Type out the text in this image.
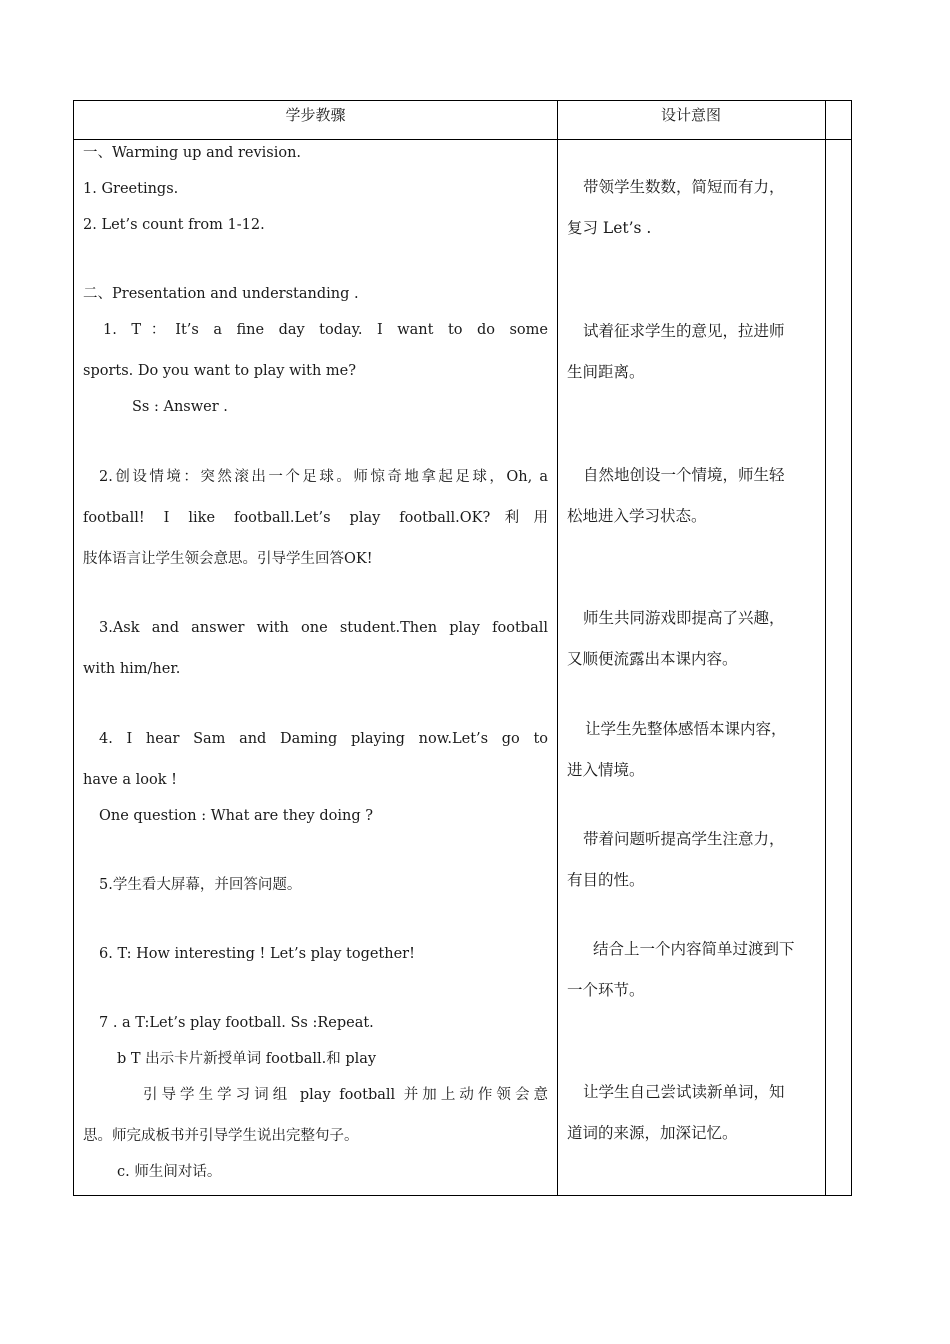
学步教骤	设计意图
一、Warming up and revision.
1. Greetings.
2. Let’s count from 1-12.
二、Presentation and understanding .
1. T：It’s a fine day today. I want to do some
sports. Do you want to play with me?
Ss : Answer .
2.创设情境：突然滚出一个足球。师惊奇地拿起足球，Oh, a
football! I like football.Let’s play football.OK?利用
肢体语言让学生领会意思。引导学生回答OK!
3.Ask and answer with one student.Then play football
with him/her.
4. I hear Sam and Daming playing now.Let’s go to
have a look !
One question : What are they doing ?
5.学生看大屏幕，并回答问题。
6. T: How interesting ! Let’s play together!
7 . a T:Let’s play football. Ss :Repeat.
b T 出示卡片新授单词 football.和 play
引导学生学习词组 play football 并加上动作领会意
思。师完成板书并引导学生说出完整句子。
c. 师生间对话。
带领学生数数，简短而有力，
复习 Let’s .
试着征求学生的意见，拉进师
生间距离。
自然地创设一个情境，师生轻
松地进入学习状态。
师生共同游戏即提高了兴趣，
又顺便流露出本课内容。
让学生先整体感悟本课内容，
进入情境。
带着问题听提高学生注意力，
有目的性。
结合上一个内容简单过渡到下
一个环节。
让学生自己尝试读新单词，知
道词的来源，加深记忆。
